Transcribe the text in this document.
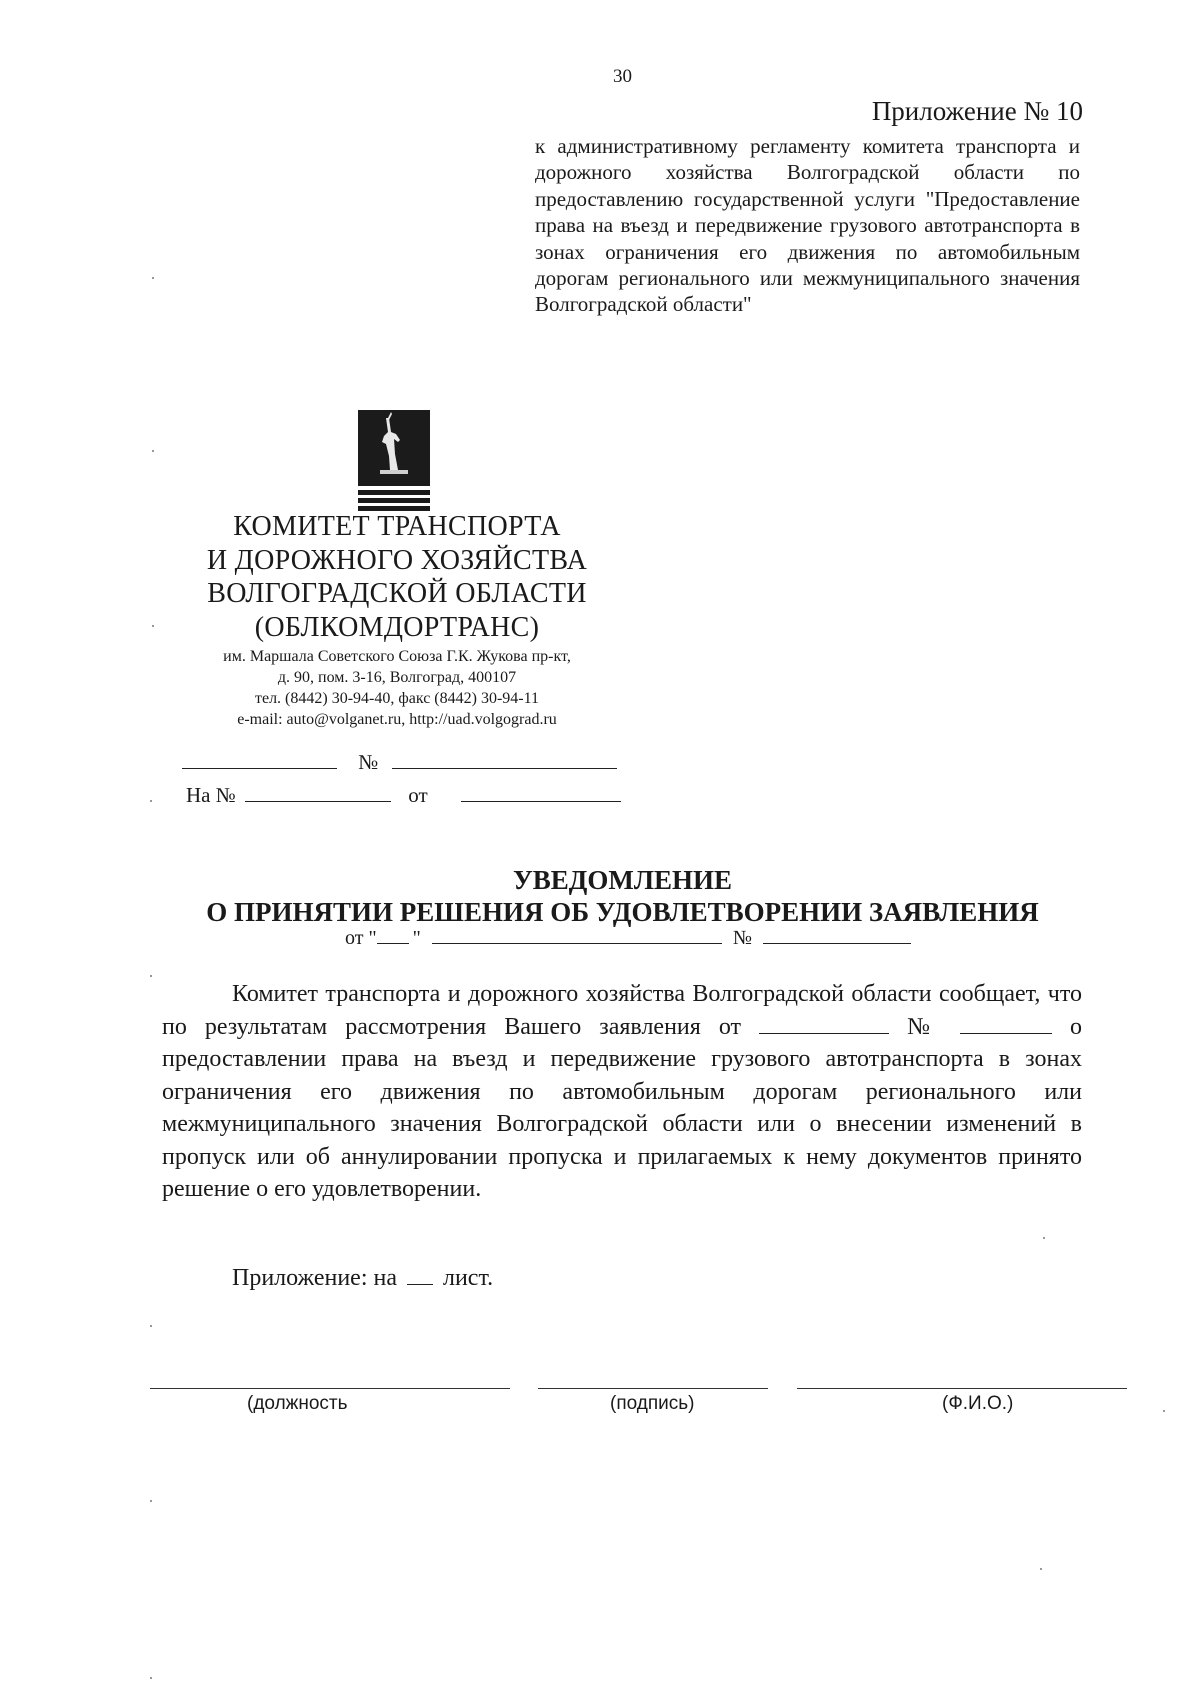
30
Приложение № 10
к административному регламенту комитета транспорта и дорожного хозяйства Волгоградской области по предоставлению государственной услуги "Предоставление права на въезд и передвижение грузового автотранспорта в зонах ограничения его движения по автомобильным дорогам регионального или межмуниципального значения Волгоградской области"
КОМИТЕТ ТРАНСПОРТА
И ДОРОЖНОГО ХОЗЯЙСТВА
ВОЛГОГРАДСКОЙ ОБЛАСТИ
(ОБЛКОМДОРТРАНС)
им. Маршала Советского Союза Г.К. Жукова пр-кт,
д. 90, пом. 3-16, Волгоград, 400107
тел. (8442) 30-94-40, факс (8442) 30-94-11
e-mail: auto@volganet.ru, http://uad.volgograd.ru
№
На №	от
УВЕДОМЛЕНИЕ
О ПРИНЯТИИ РЕШЕНИЯ ОБ УДОВЛЕТВОРЕНИИ ЗАЯВЛЕНИЯ
от " "	№
Комитет транспорта и дорожного хозяйства Волгоградской области сообщает, что по результатам рассмотрения Вашего заявления от	№	о предоставлении права на въезд и передвижение грузового автотранспорта в зонах ограничения его движения по автомобильным дорогам регионального или межмуниципального значения Волгоградской области или о внесении изменений в пропуск или об аннулировании пропуска и прилагаемых к нему документов принято решение о его удовлетворении.
Приложение: на лист.
(должность	(подпись)	(Ф.И.О.)
